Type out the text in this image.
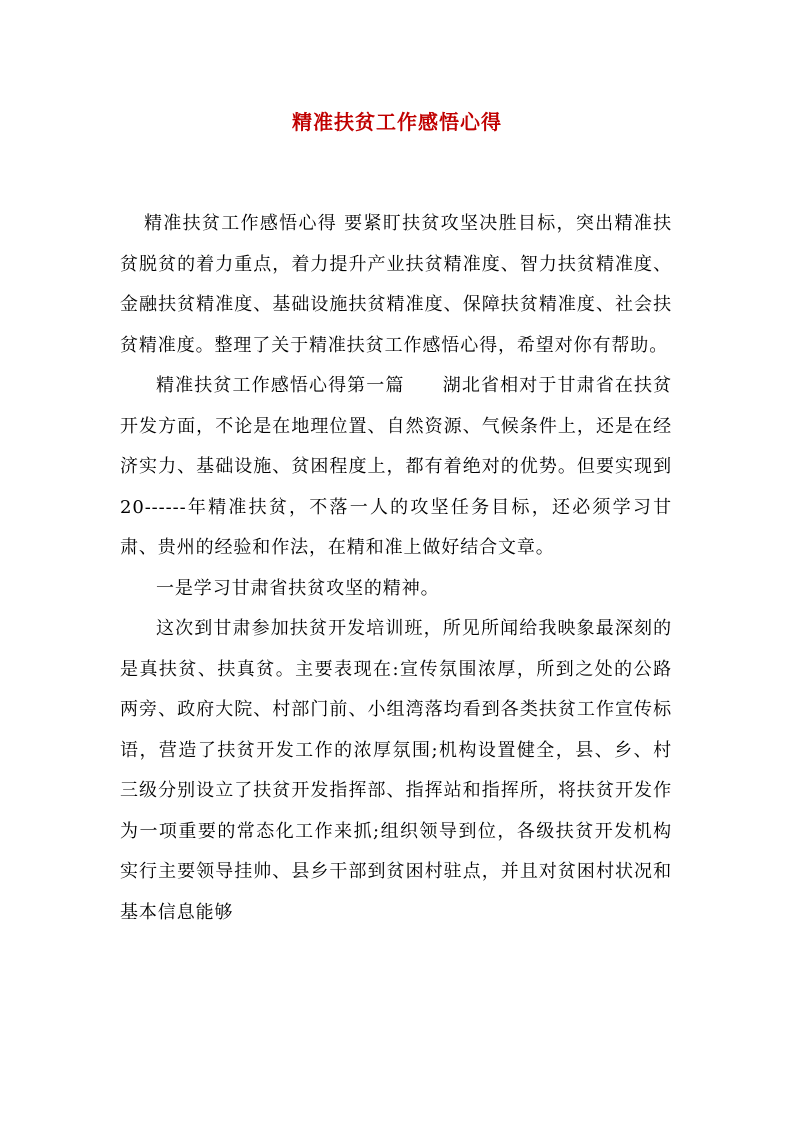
精准扶贫工作感悟心得

精准扶贫工作感悟心得 要紧盯扶贫攻坚决胜目标，突出精准扶贫脱贫的着力重点，着力提升产业扶贫精准度、智力扶贫精准度、金融扶贫精准度、基础设施扶贫精准度、保障扶贫精准度、社会扶贫精准度。整理了关于精准扶贫工作感悟心得，希望对你有帮助。

精准扶贫工作感悟心得第一篇　　湖北省相对于甘肃省在扶贫开发方面，不论是在地理位置、自然资源、气候条件上，还是在经济实力、基础设施、贫困程度上，都有着绝对的优势。但要实现到 20------年精准扶贫，不落一人的攻坚任务目标，还必须学习甘肃、贵州的经验和作法，在精和准上做好结合文章。

一是学习甘肃省扶贫攻坚的精神。

这次到甘肃参加扶贫开发培训班，所见所闻给我映象最深刻的是真扶贫、扶真贫。主要表现在:宣传氛围浓厚，所到之处的公路两旁、政府大院、村部门前、小组湾落均看到各类扶贫工作宣传标语，营造了扶贫开发工作的浓厚氛围;机构设置健全，县、乡、村三级分别设立了扶贫开发指挥部、指挥站和指挥所，将扶贫开发作为一项重要的常态化工作来抓;组织领导到位，各级扶贫开发机构实行主要领导挂帅、县乡干部到贫困村驻点，并且对贫困村状况和基本信息能够
